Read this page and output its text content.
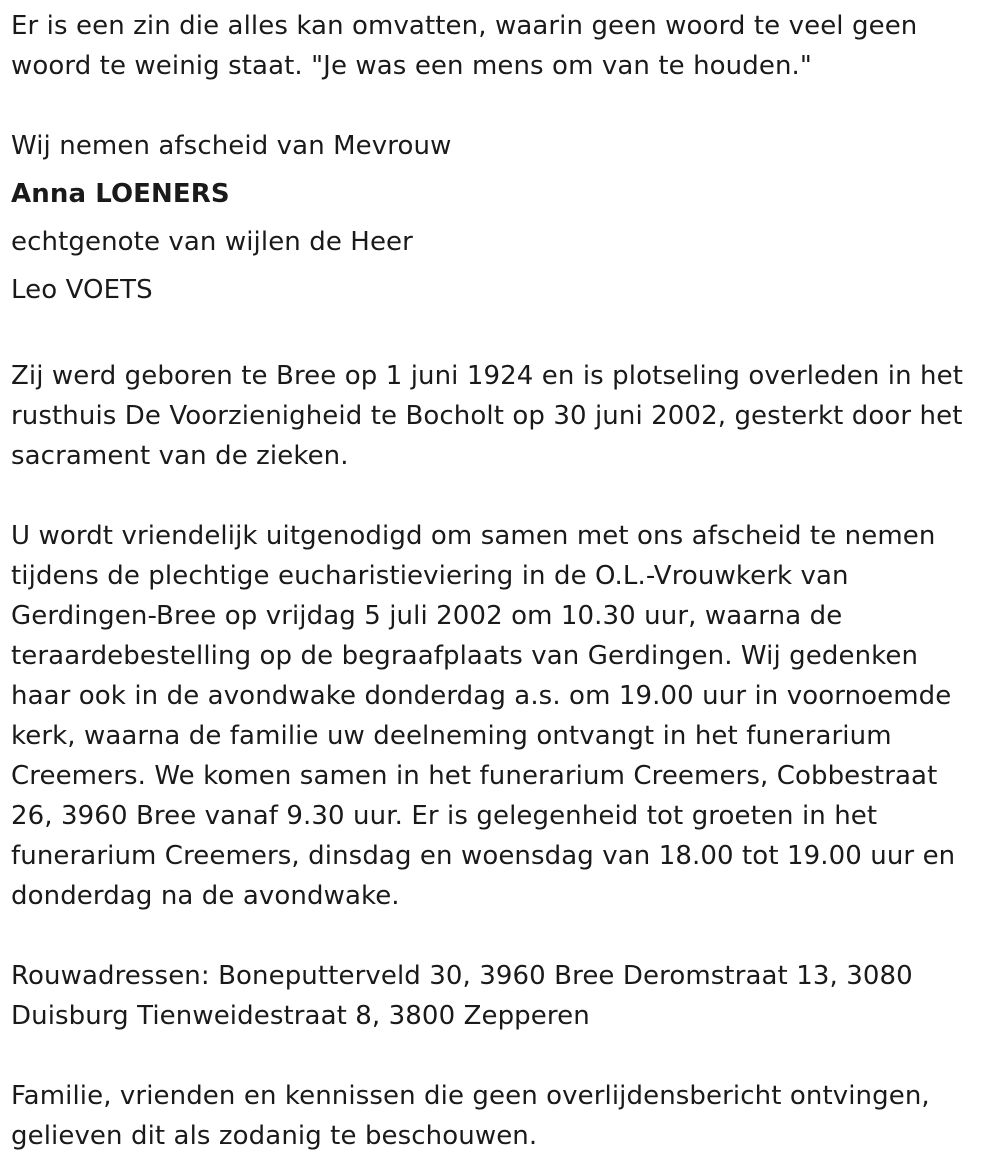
Er is een zin die alles kan omvatten, waarin geen woord te veel geen
woord te weinig staat. "Je was een mens om van te houden."
Wij nemen afscheid van Mevrouw
Anna LOENERS
echtgenote van wijlen de Heer
Leo VOETS
Zij werd geboren te Bree op 1 juni 1924 en is plotseling overleden in het
rusthuis De Voorzienigheid te Bocholt op 30 juni 2002, gesterkt door het
sacrament van de zieken.
U wordt vriendelijk uitgenodigd om samen met ons afscheid te nemen
tijdens de plechtige eucharistieviering in de O.L.-Vrouwkerk van
Gerdingen-Bree op vrijdag 5 juli 2002 om 10.30 uur, waarna de
teraardebestelling op de begraafplaats van Gerdingen. Wij gedenken
haar ook in de avondwake donderdag a.s. om 19.00 uur in voornoemde
kerk, waarna de familie uw deelneming ontvangt in het funerarium
Creemers. We komen samen in het funerarium Creemers, Cobbestraat
26, 3960 Bree vanaf 9.30 uur. Er is gelegenheid tot groeten in het
funerarium Creemers, dinsdag en woensdag van 18.00 tot 19.00 uur en
donderdag na de avondwake.
Rouwadressen: Boneputterveld 30, 3960 Bree Deromstraat 13, 3080
Duisburg Tienweidestraat 8, 3800 Zepperen
Familie, vrienden en kennissen die geen overlijdensbericht ontvingen,
gelieven dit als zodanig te beschouwen.
